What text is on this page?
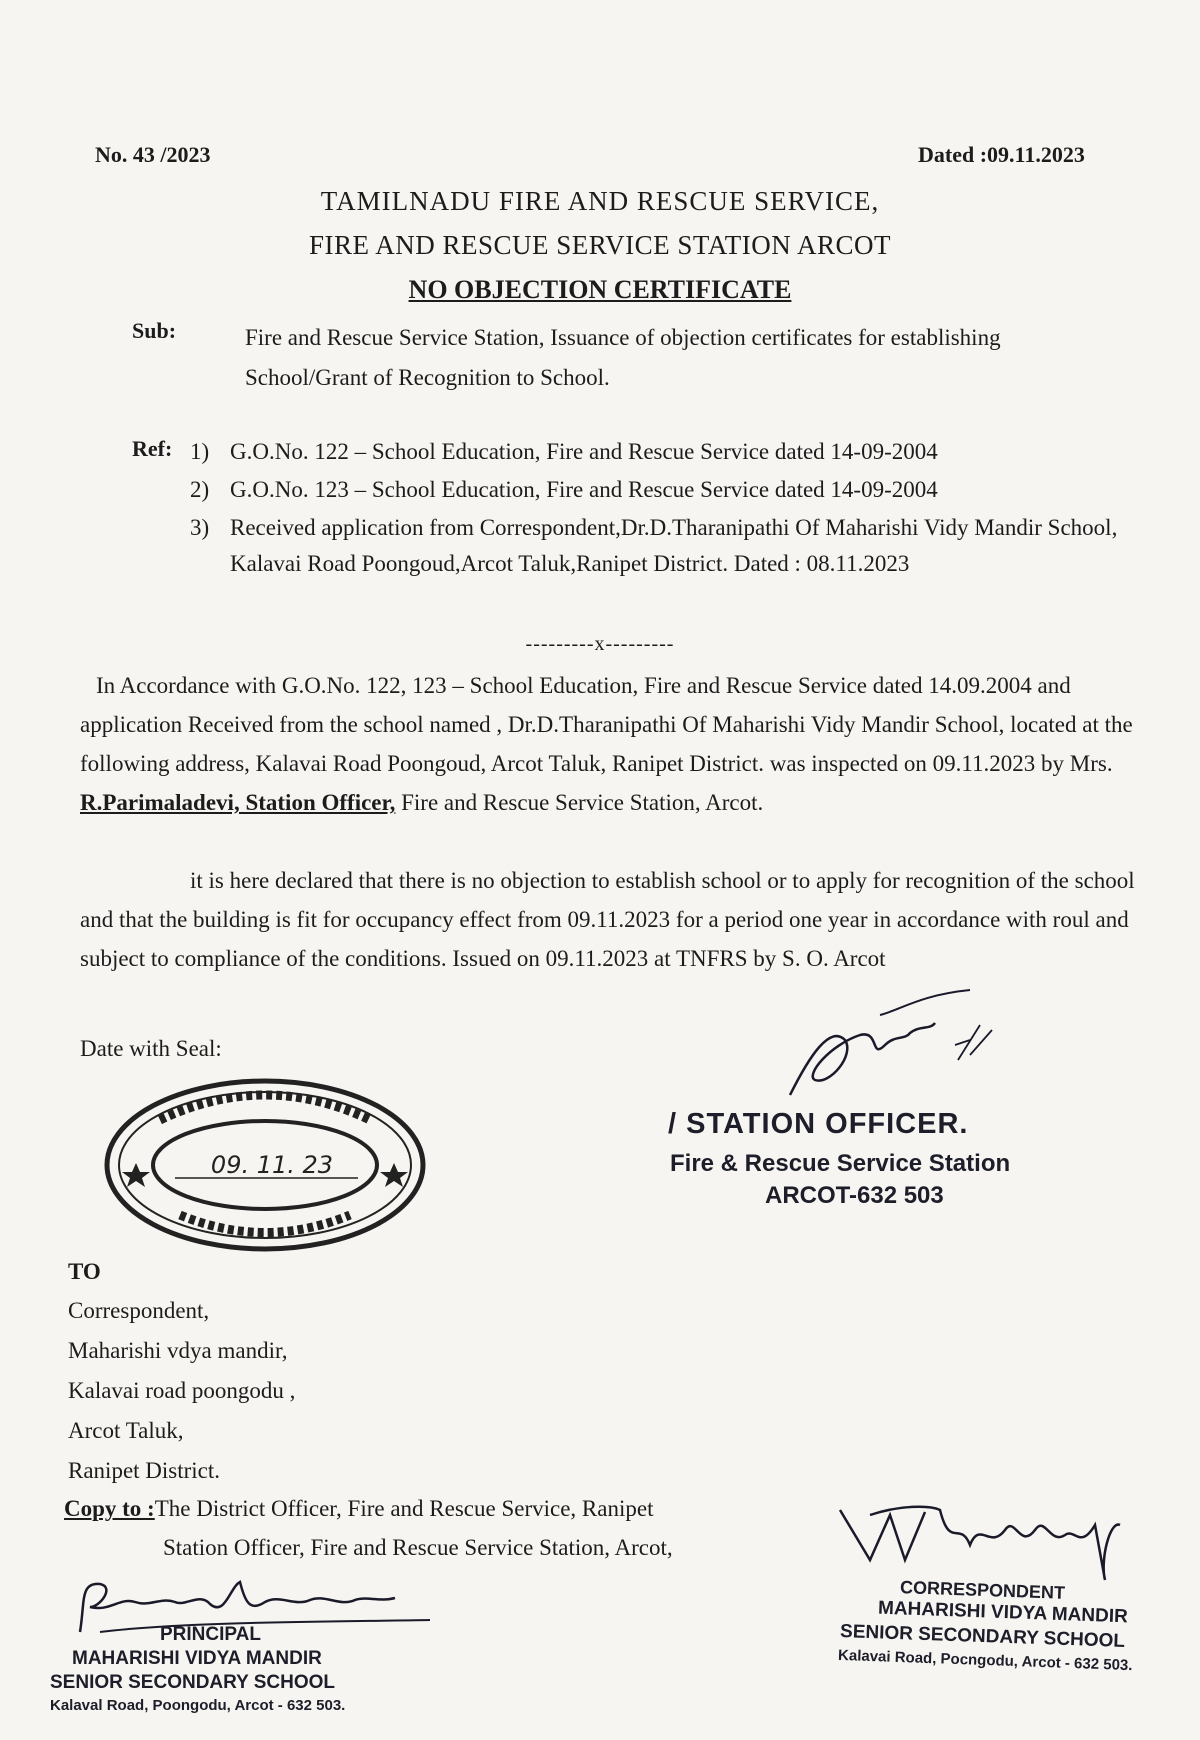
No. 43 /2023	Dated :09.11.2023
TAMILNADU FIRE AND RESCUE SERVICE,
FIRE AND RESCUE SERVICE STATION ARCOT
NO OBJECTION CERTIFICATE
Sub:	Fire and Rescue Service Station, Issuance of objection certificates for establishing School/Grant of Recognition to School.
Ref: 1) G.O.No. 122 – School Education, Fire and Rescue Service dated 14-09-2004
2) G.O.No. 123 – School Education, Fire and Rescue Service dated 14-09-2004
3) Received application from Correspondent,Dr.D.Tharanipathi Of Maharishi Vidy Mandir School, Kalavai Road Poongoud,Arcot Taluk,Ranipet District. Dated : 08.11.2023
---------x---------
In Accordance with G.O.No. 122, 123 – School Education, Fire and Rescue Service dated 14.09.2004 and application Received from the school named , Dr.D.Tharanipathi Of Maharishi Vidy Mandir School, located at the following address, Kalavai Road Poongoud, Arcot Taluk, Ranipet District. was inspected on 09.11.2023 by Mrs. R.Parimaladevi, Station Officer, Fire and Rescue Service Station, Arcot.
it is here declared that there is no objection to establish school or to apply for recognition of the school and that the building is fit for occupancy effect from 09.11.2023 for a period one year in accordance with roul and subject to compliance of the conditions. Issued on 09.11.2023 at TNFRS by S. O. Arcot
Date with Seal:
09. 11. 23
/ STATION OFFICER.
Fire & Rescue Service Station
ARCOT-632 503
TO
Correspondent,
Maharishi vdya mandir,
Kalavai road poongodu ,
Arcot Taluk,
Ranipet District.
Copy to :The District Officer, Fire and Rescue Service, Ranipet
Station Officer, Fire and Rescue Service Station, Arcot,
PRINCIPAL
MAHARISHI VIDYA MANDIR
SENIOR SECONDARY SCHOOL
Kalaval Road, Poongodu, Arcot - 632 503.
CORRESPONDENT
MAHARISHI VIDYA MANDIR
SENIOR SECONDARY SCHOOL
Kalavai Road, Pocngodu, Arcot - 632 503.
